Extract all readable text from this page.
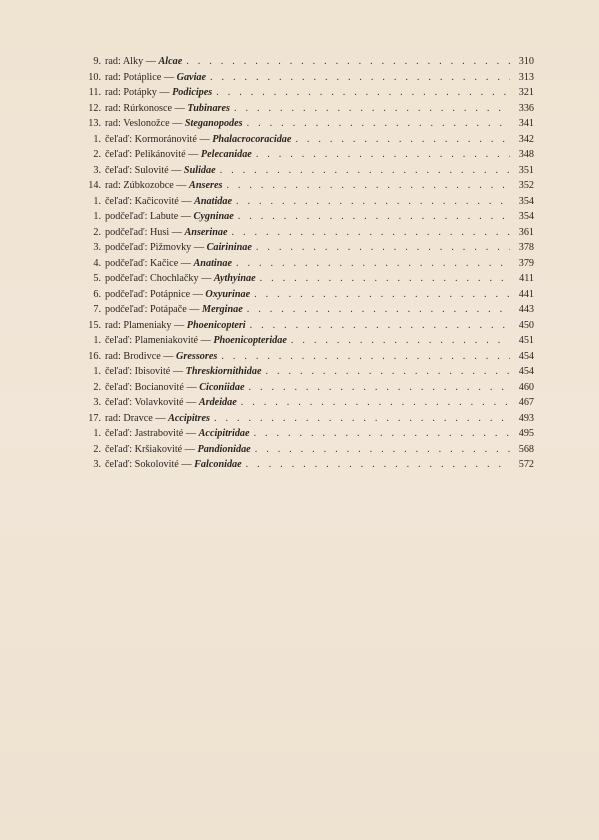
9. rad: Alky — Alcae . . .	310
10. rad: Potáplice — Gaviae . . .	313
11. rad: Potápky — Podicipes . . .	321
12. rad: Rúrkonosce — Tubinares . . .	336
13. rad: Veslonožce — Steganopodes . . .	341
1. čeľaď: Kormoránovité — Phalacrocoracidae . . .	342
2. čeľaď: Pelikánovité — Pelecanidae . . .	348
3. čeľaď: Sulovité — Sulidae . . .	351
14. rad: Zúbkozobce — Anseres . . .	352
1. čeľaď: Kačicovité — Anatidae . . .	354
1. podčeľaď: Labute — Cygninae . . .	354
2. podčeľaď: Husi — Anserinae . . .	361
3. podčeľaď: Pižmovky — Cairininae . . .	378
4. podčeľaď: Kačice — Anatinae . . .	379
5. podčeľaď: Chochlačky — Aythyinae . . .	411
6. podčeľaď: Potápnice — Oxyurinae . . .	441
7. podčeľaď: Potápače — Merginae . . .	443
15. rad: Plameniaky — Phoenicopteri . . .	450
1. čeľaď: Plameniakovité — Phoenicopteridae . . .	451
16. rad: Brodivce — Gressores . . .	454
1. čeľaď: Ibisovité — Threskiornithidae . . .	454
2. čeľaď: Bocianovité — Ciconiidae . . .	460
3. čeľaď: Volavkovité — Ardeidae . . .	467
17. rad: Dravce — Accipitres . . .	493
1. čeľaď: Jastrabovité — Accipitridae . . .	495
2. čeľaď: Kršiakovité — Pandionidae . . .	568
3. čeľaď: Sokolovité — Falconidae . . .	572
